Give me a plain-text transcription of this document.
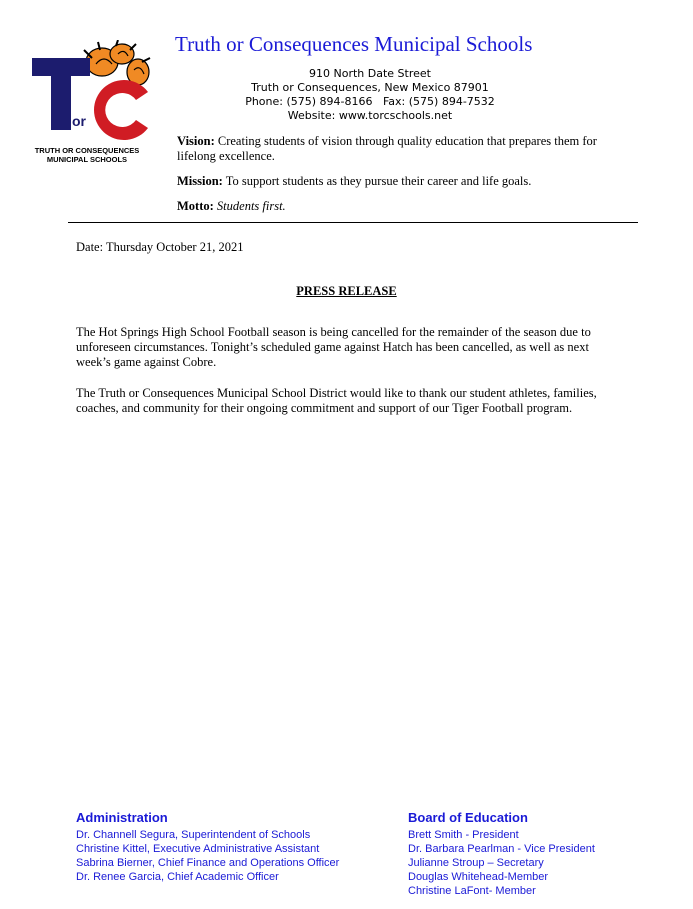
or
TRUTH OR CONSEQUENCES MUNICIPAL SCHOOLS
Truth or Consequences Municipal Schools
910 North Date Street
Truth or Consequences, New Mexico 87901
Phone: (575) 894-8166   Fax: (575) 894-7532
Website: www.torcschools.net
Vision: Creating students of vision through quality education that prepares them for lifelong excellence.
Mission: To support students as they pursue their career and life goals.
Motto: Students first.
Date: Thursday October 21, 2021
PRESS RELEASE
The Hot Springs High School Football season is being cancelled for the remainder of the season due to unforeseen circumstances. Tonight’s scheduled game against Hatch has been cancelled, as well as next week’s game against Cobre.
The Truth or Consequences Municipal School District would like to thank our student athletes, families, coaches, and community for their ongoing commitment and support of our Tiger Football program.
Administration
Dr. Channell Segura, Superintendent of Schools
Christine Kittel, Executive Administrative Assistant
Sabrina Bierner, Chief Finance and Operations Officer
Dr. Renee Garcia, Chief Academic Officer
Board of Education
Brett Smith - President
Dr. Barbara Pearlman - Vice President
Julianne Stroup – Secretary
Douglas Whitehead-Member
Christine LaFont- Member
